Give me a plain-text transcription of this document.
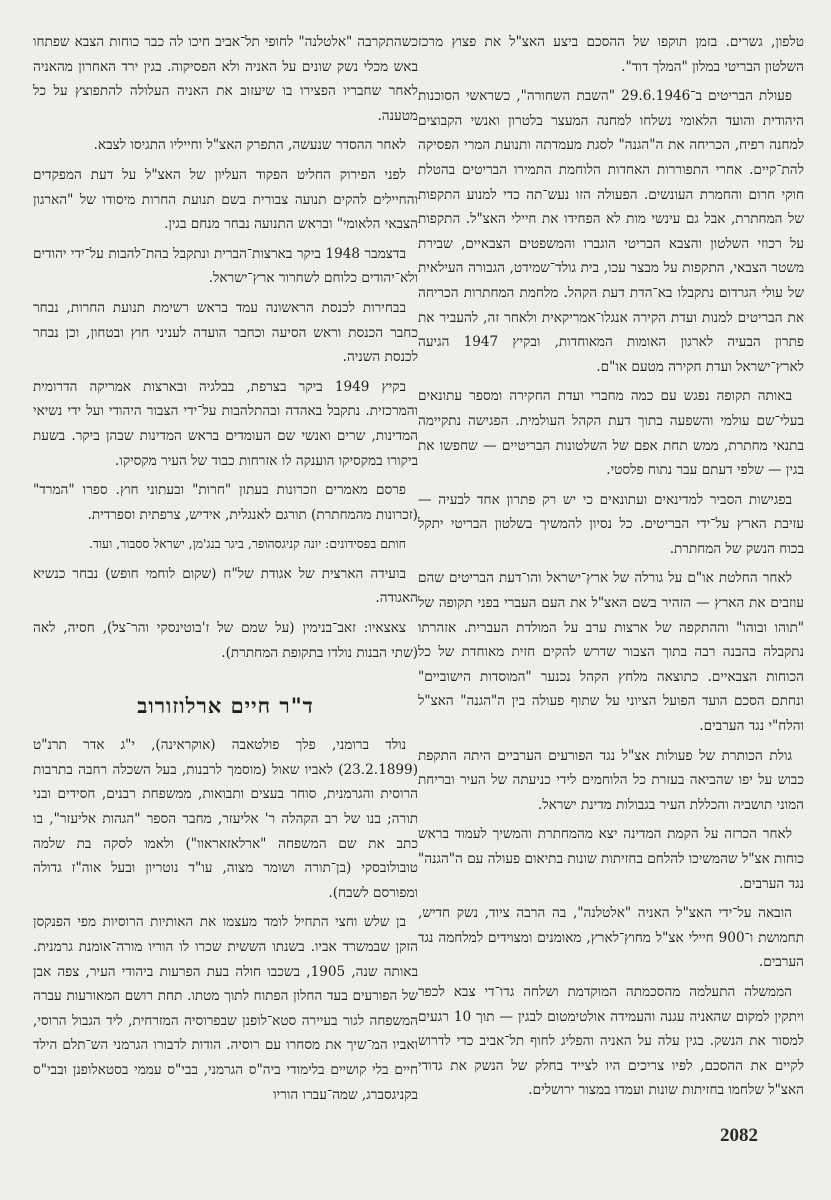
טלפון, גשרים. בזמן תוקפו של ההסכם ביצע האצ"ל את פצוץ מרכז השלטון הבריטי במלון "המלך דוד".

פעולת הבריטים ב־29.6.1946 "השבת השחורה", כשראשי הסוכנות היהודית והועד הלאומי נשלחו למחנה המעצר בלטרון ואנשי הקבוצים למחנה רפיח, הכריחה את ה"הגנה" לסגת מעמדתה ותנועת המרי הפסיקה להת־קיים. אחרי התפוררות האחדות הלוחמת התמירו הבריטים בהטלת חוקי חרום והחמרת העונשים. הפעולה הזו נעש־תה כדי למנוע התקפות של המחתרת, אבל גם עינשי מות לא הפחידו את חיילי האצ"ל. התקפות על רכוזי השלטון והצבא הבריטי הוגברו והמשפטים הצבאיים, שבירת משטר הצבאי, התקפות על מבצר עכו, בית גולד־שמידט, הגבורה העילאית של עולי הגרדום נתקבלו בא־הדת דעת הקהל. מלחמת המחתרות הכריחה את הבריטים למנות ועדת הקירה אנגלו־אמריקאית ולאחר זה, להעביר את פתרון הבעיה לארגון האומות המאוחדות, ובקיץ 1947 הגיעה לארץ־ישראל ועדת חקירה מטעם או"ם.

באותה תקופה נפגש עם כמה מחברי ועדת החקירה ומספר עתונאים בעלי־שם עולמי והשפעה בתוך דעת הקהל העולמית. הפגישה נתקיימה בתנאי מחתרת, ממש תחת אפם של השלטונות הבריטיים — שחפשו את בגין — שלפי דעתם עבר נתוח פלסטי.

בפגישות הסביר למדינאים ועתונאים כי יש רק פתרון אחד לבעיה — עזיבת הארץ על־ידי הבריטים. כל נסיון להמשיך בשלטון הבריטי יתקל בכוח הנשק של המחתרת.

לאחר החלטת או"ם על גורלה של ארץ־ישראל והו־דעת הבריטים שהם עוזבים את הארץ — הזהיר בשם האצ"ל את העם העברי בפני תקופה של "תוהו ובוהו" וההתקפה של ארצות ערב על המולדת העברית. אזהרתו נתקבלה בהבנה רבה בתוך הצבור שדרש להקים חזית מאוחדת של כל הכוחות הצבאיים. כתוצאה מלחץ הקהל נכנער "המוסדות הישוביים" ונחתם הסכם הועד הפועל הציוני על שתוף פעולה בין ה"הגנה" האצ"ל והלח"י נגד הערבים.

גולת הכותרת של פעולות אצ"ל נגד הפורעים הערביים היתה התקפת כבוש על יפו שהביאה בעזרת כל הלוחמים לידי כניעתה של העיר ובריחת המוני תושביה והכללת העיר בגבולות מדינת ישראל.

לאחר הכרזה על הקמת המדינה יצא מהמחתרת והמשיך לעמוד בראש כוחות אצ"ל שהמשיכו להלחם בחזיתות שונות בתיאום פעולה עם ה"הגנה" נגד הערבים.

הובאה על־ידי האצ"ל האניה "אלטלנה", בה הרבה ציוד, נשק חדיש, תחמושת ו־900 חיילי אצ"ל מחוץ־לארץ, מאומנים ומצוידים למלחמה נגד הערבים.

הממשלה התעלמה מהסכמתה המוקדמת ושלחה גדו־די צבא לכפר ויתקין למקום שהאניה עגנה והעמידה אולטימטום לבגין — תוך 10 רגעים למסור את הנשק. בגין עלה על האניה והפליג לחוף תל־אביב כדי לדרוש לקיים את ההסכם, לפיו צריכים היו לצייד בחלק של הנשק את גדודי האצ"ל שלחמו בחזיתות שונות ועמדו במצור ירושלים.

כשהתקרבה "אלטלנה" לחופי תל־אביב חיכו לה כבר כוחות הצבא שפתחו באש מכלי נשק שונים על האניה ולא הפסיקוה. בגין ירד האחרון מהאניה לאחר שחבריו הפצירו בו שיעזוב את האניה העלולה להתפוצץ על כל מטענה.

לאחר ההסדר שנעשה, התפרק האצ"ל וחייליו התגיסו לצבא.

לפני הפירוק החליט הפקוד העליון של האצ"ל על דעת המפקדים והחיילים להקים תנועה צבורית בשם תנועת החרות מיסודו של "הארגון הצבאי הלאומי" ובראש התנועה נבחר מנחם בגין.

בדצמבר 1948 ביקר בארצות־הברית ונתקבל בהת־להבות על־ידי יהודים ולא־יהודים כלוחם לשחרור ארץ־ישראל.

בבחירות לכנסת הראשונה עמד בראש רשימת תנועת החרות, נבחר כחבר הכנסת וראש הסיעה וכחבר הועדה לעניני חוץ ובטחון, וכן נבחר לכנסת השניה.

בקיץ 1949 ביקר בצרפת, בבלגיה ובארצות אמריקה הדרומית והמרכזית. נתקבל באהדה ובהתלהבות על־ידי הצבור היהודי ועל ידי נשיאי המדינות, שרים ואנשי שם העומדים בראש המדינות שבהן ביקר. בשעת ביקורו במקסיקו הוענקה לו אזרחות כבוד של העיר מקסיקו.

פרסם מאמרים וזכרונות בעתון "חרות" ובעתוני חוץ. ספרו "המרד" (זכרונות מהמחתרת) תורגם לאנגלית, אידיש, צרפתית וספרדית.

חותם בפסידונים: יונה קניגסהופר, ביגר בנג'מן, ישראל ססבור, ועוד.

בועידה הארצית של אגודת של"ח (שקום לוחמי חופש) נבחר כנשיא האגודה.

צאצאיו: זאב־בנימין (על שמם של ז'בוטינסקי והר־צל), חסיה, לאה (שתי הבנות נולדו בתקופת המחתרת).

ד"ר חיים ארלוזורוב

נולד ברומני, פלך פולטאבה (אוקראינה), י"ג אדר תרנ"ט (23.2.1899) לאביו שאול (מוסמך לרבנות, בעל השכלה רחבה בתרבות הרוסית והגרמנית, סוחר בעצים ותבואות, ממשפחת רבנים, חסידים ובני תורה; בנו של רב הקהלה ר' אליעזר, מחבר הספר "הגהות אליעזר", בו כתב את שם המשפחה "ארלאזאראוו") ולאמו לסקה בת שלמה טובולובסקי (בן־תורה ושומר מצוה, עו"ד נוטריון ובעל אוה"ז גדולה ומפורסם לשבח).

בן שלש וחצי התחיל לומד מעצמו את האותיות הרוסיות מפי הפנקסן הזקן שבמשרד אביו. בשנתו הששית שכרו לו הוריו מורה־אומנת גרמנית. באותה שנה, 1905, בשכבו חולה בעת הפרעות ביהודי העיר, צפה אבן של הפורעים בעד החלון הפתוח לתוך מטתו. תחת רושם המאורעות עברה המשפחה לגור בעיירה סטא־לופנן שבפרוסיה המזרחית, ליד הגבול הרוסי, ואביו המ־שיך את מסחרו עם רוסיה. הודות לדבורו הגרמני הש־תלם הילד חיים בלי קושיים בלימודי ביה"ס הגרמני, בבי"ס עממי בסטאלופנן ובבי"ס בקניגסברג, שמה־עברו הוריו

2082
